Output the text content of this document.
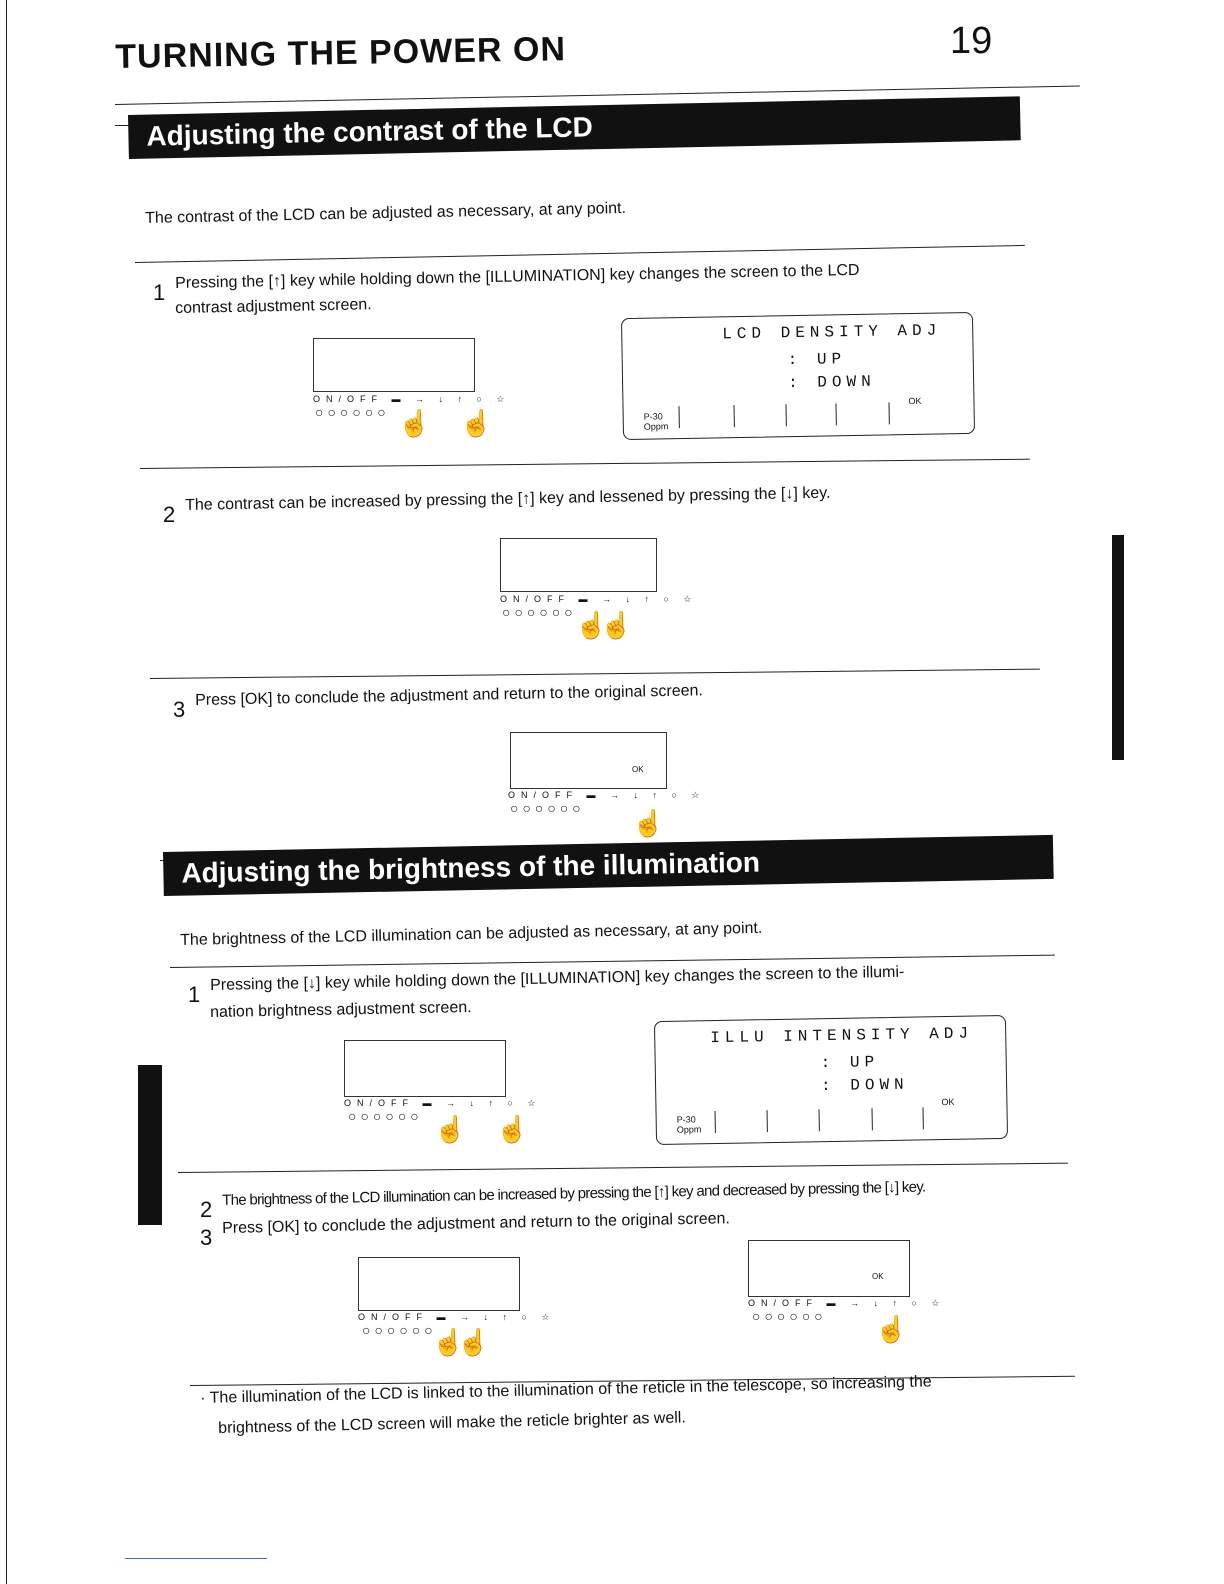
TURNING THE POWER ON	19
Adjusting the contrast of the LCD
The contrast of the LCD can be adjusted as necessary, at any point.
1
Pressing the [↑] key while holding down the [ILLUMINATION] key changes the screen to the LCD
contrast adjustment screen.
ON/OFF ▬ → ↓ ↑ ○ ☆
○○○○○○ ☝ ☝
LCD DENSITY ADJ
: UP
: DOWN
OK
P-30
Oppm
2
The contrast can be increased by pressing the [↑] key and lessened by pressing the [↓] key.
ON/OFF ▬ → ↓ ↑ ○ ☆
○○○○○○
☝
☝
3
Press [OK] to conclude the adjustment and return to the original screen.
OK
ON/OFF ▬ → ↓ ↑ ○ ☆
○○○○○○ ☝
Adjusting the brightness of the illumination
The brightness of the LCD illumination can be adjusted as necessary, at any point.
1
Pressing the [↓] key while holding down the [ILLUMINATION] key changes the screen to the illumi-
nation brightness adjustment screen.
ON/OFF ▬ → ↓ ↑ ○ ☆
○○○○○○ ☝ ☝
ILLU INTENSITY ADJ
: UP
: DOWN
OK
P-30
Oppm
2
The brightness of the LCD illumination can be increased by pressing the [↑] key and decreased by pressing the [↓] key.
3
Press [OK] to conclude the adjustment and return to the original screen.
ON/OFF ▬ → ↓ ↑ ○ ☆
○○○○○○
☝
☝
OK
ON/OFF ▬ → ↓ ↑ ○ ☆
○○○○○○ ☝
· The illumination of the LCD is linked to the illumination of the reticle in the telescope, so increasing the
brightness of the LCD screen will make the reticle brighter as well.
